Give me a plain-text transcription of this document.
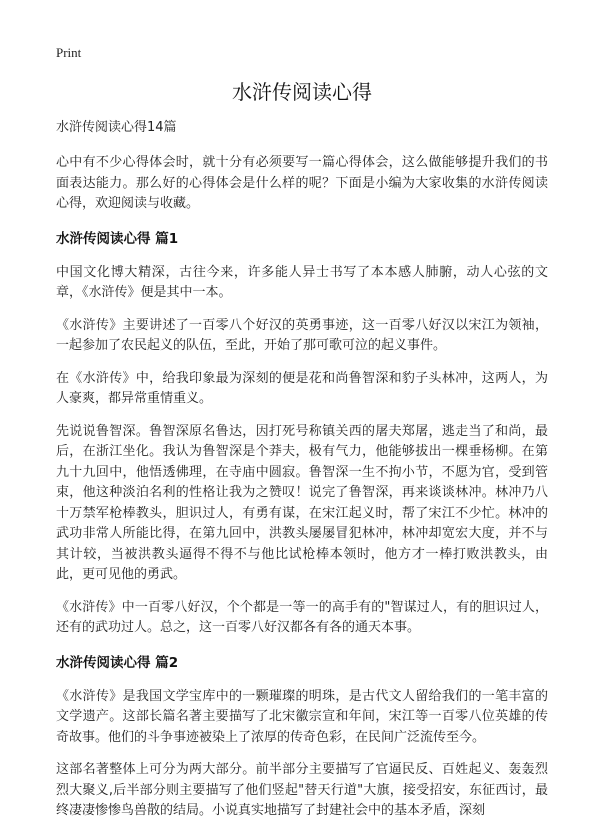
Print
水浒传阅读心得

水浒传阅读心得14篇

心中有不少心得体会时，就十分有必须要写一篇心得体会，这么做能够提升我们的书面表达能力。那么好的心得体会是什么样的呢？下面是小编为大家收集的水浒传阅读心得，欢迎阅读与收藏。

水浒传阅读心得 篇1

中国文化博大精深，古往今来，许多能人异士书写了本本感人肺腑，动人心弦的文章，《水浒传》便是其中一本。

《水浒传》主要讲述了一百零八个好汉的英勇事迹，这一百零八好汉以宋江为领袖，一起参加了农民起义的队伍，至此，开始了那可歌可泣的起义事件。

在《水浒传》中，给我印象最为深刻的便是花和尚鲁智深和豹子头林冲，这两人，为人豪爽，都异常重情重义。

先说说鲁智深。鲁智深原名鲁达，因打死号称镇关西的屠夫郑屠，逃走当了和尚，最后，在浙江坐化。我认为鲁智深是个莽夫，极有气力，他能够拔出一棵垂杨柳。在第九十九回中，他悟透佛理，在寺庙中圆寂。鲁智深一生不拘小节，不愿为官，受到管束，他这种淡泊名利的性格让我为之赞叹！说完了鲁智深，再来谈谈林冲。林冲乃八十万禁军枪棒教头，胆识过人，有勇有谋，在宋江起义时，帮了宋江不少忙。林冲的武功非常人所能比得，在第九回中，洪教头屡屡冒犯林冲，林冲却宽宏大度，并不与其计较，当被洪教头逼得不得不与他比试枪棒本领时，他方才一棒打败洪教头，由此，更可见他的勇武。

《水浒传》中一百零八好汉，个个都是一等一的高手有的"智谋过人，有的胆识过人，还有的武功过人。总之，这一百零八好汉都各有各的通天本事。

水浒传阅读心得 篇2

《水浒传》是我国文学宝库中的一颗璀璨的明珠，是古代文人留给我们的一笔丰富的文学遗产。这部长篇名著主要描写了北宋徽宗宣和年间，宋江等一百零八位英雄的传奇故事。他们的斗争事迹被染上了浓厚的传奇色彩，在民间广泛流传至今。

这部名著整体上可分为两大部分。前半部分主要描写了官逼民反、百姓起义、轰轰烈烈大聚义,后半部分则主要描写了他们竖起"替天行道"大旗，接受招安，东征西讨，最终凄凄惨惨鸟兽散的结局。小说真实地描写了封建社会中的基本矛盾，深刻
